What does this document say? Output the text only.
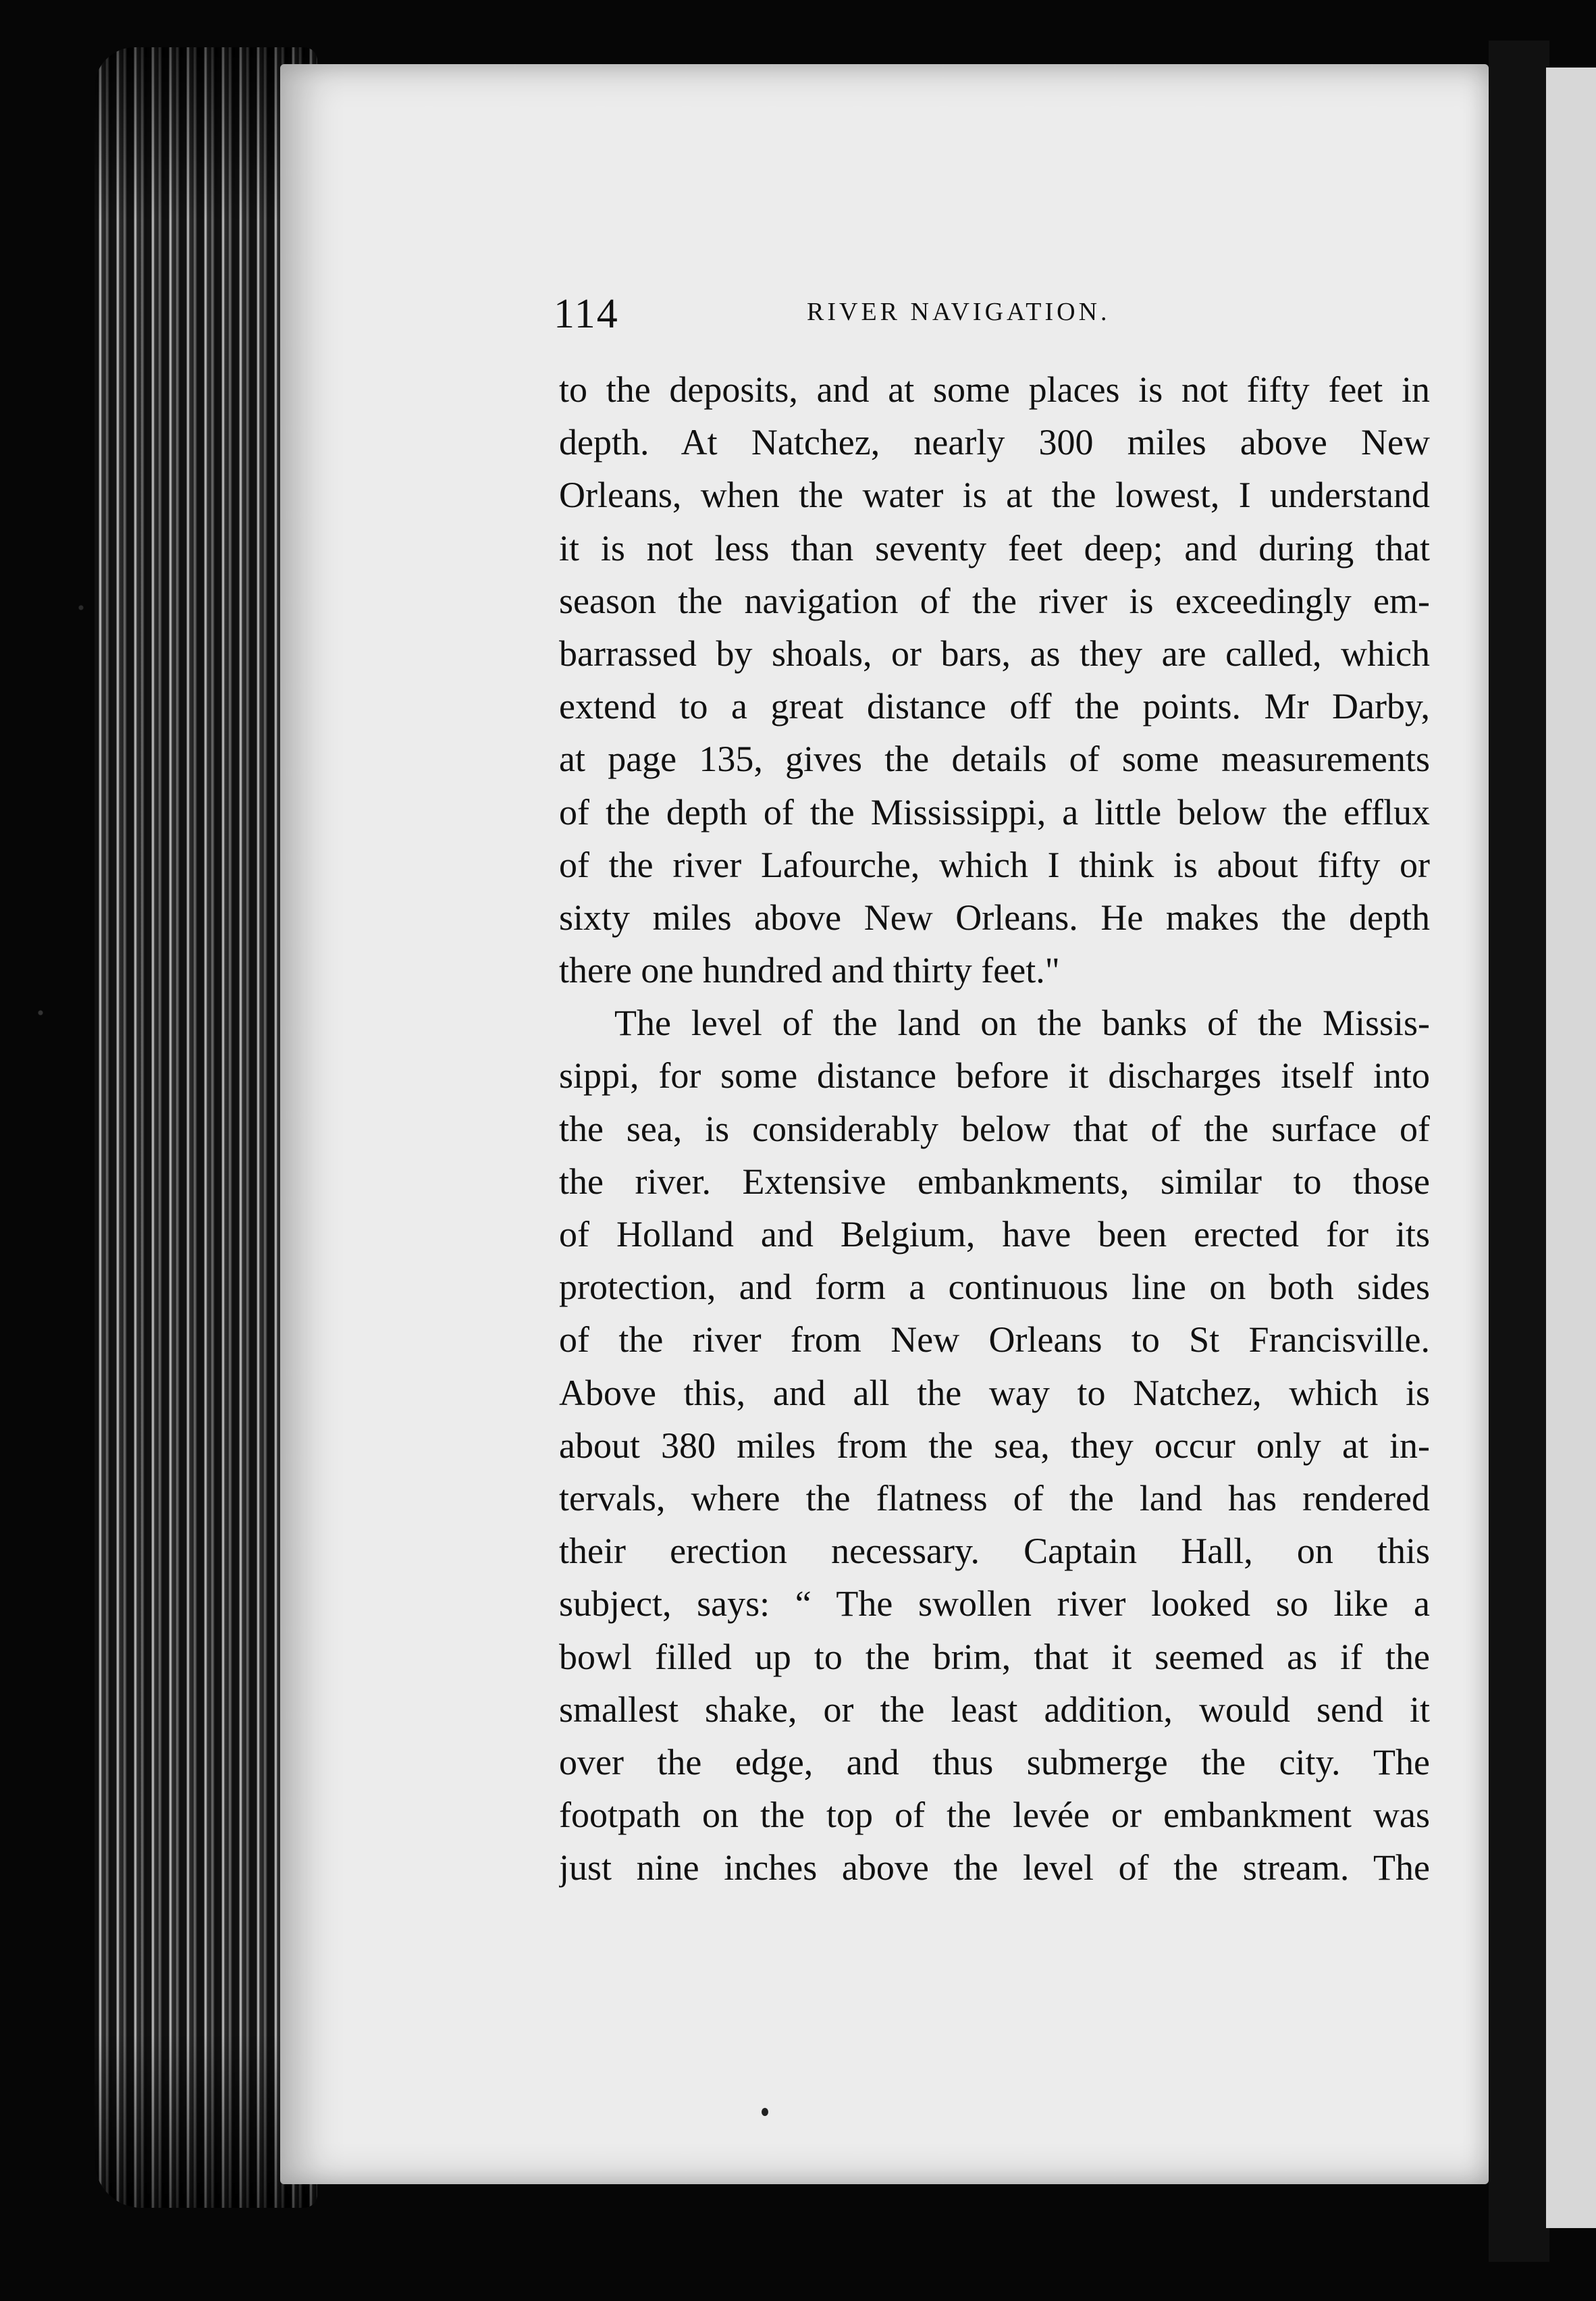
114	RIVER NAVIGATION.
to the deposits, and at some places is not fifty feet in
depth. At Natchez, nearly 300 miles above New
Orleans, when the water is at the lowest, I understand
it is not less than seventy feet deep; and during that
season the navigation of the river is exceedingly em-
barrassed by shoals, or bars, as they are called, which
extend to a great distance off the points. Mr Darby,
at page 135, gives the details of some measurements
of the depth of the Mississippi, a little below the efflux
of the river Lafourche, which I think is about fifty or
sixty miles above New Orleans. He makes the depth
there one hundred and thirty feet."
The level of the land on the banks of the Missis-
sippi, for some distance before it discharges itself into
the sea, is considerably below that of the surface of
the river. Extensive embankments, similar to those
of Holland and Belgium, have been erected for its
protection, and form a continuous line on both sides
of the river from New Orleans to St Francisville.
Above this, and all the way to Natchez, which is
about 380 miles from the sea, they occur only at in-
tervals, where the flatness of the land has rendered
their erection necessary. Captain Hall, on this
subject, says: “ The swollen river looked so like a
bowl filled up to the brim, that it seemed as if the
smallest shake, or the least addition, would send it
over the edge, and thus submerge the city. The
footpath on the top of the levée or embankment was
just nine inches above the level of the stream. The
